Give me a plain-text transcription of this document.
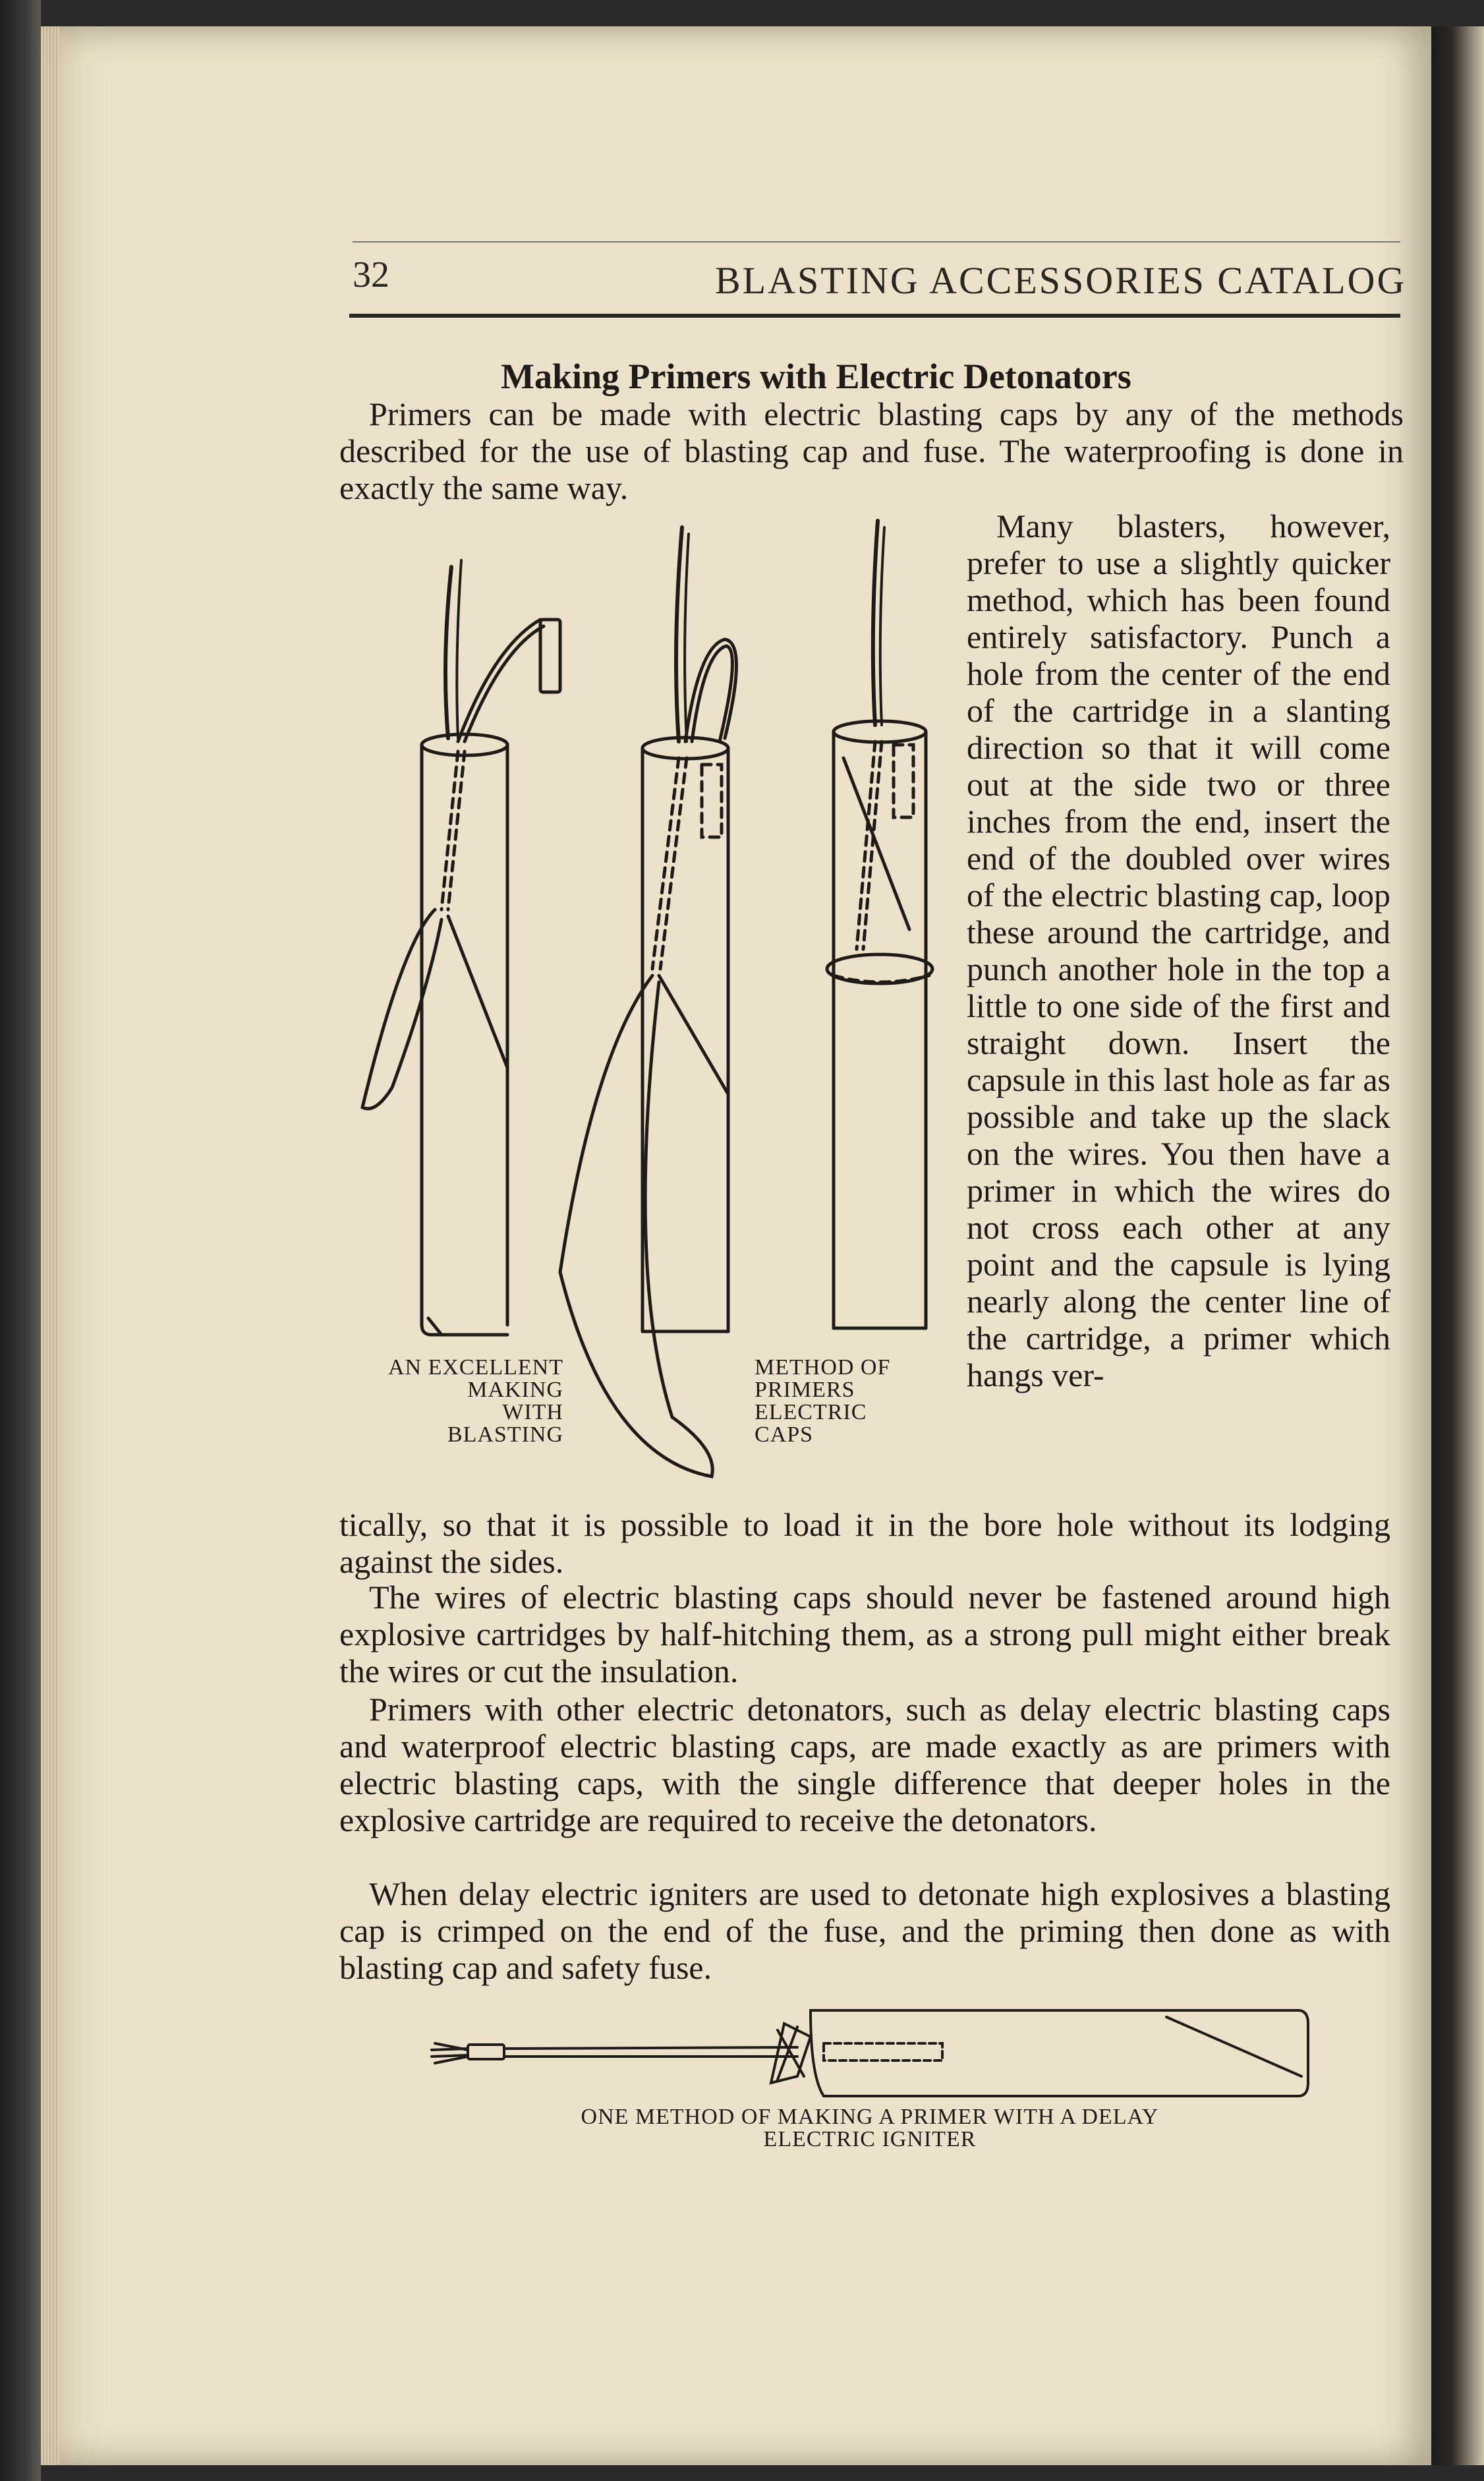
32	BLASTING ACCESSORIES CATALOG
Making Primers with Electric Detonators
Primers can be made with electric blasting caps by any of the methods described for the use of blasting cap and fuse. The waterproofing is done in exactly the same way.
Many blasters, however, prefer to use a slightly quicker method, which has been found entirely satisfactory. Punch a hole from the center of the end of the cartridge in a slanting direction so that it will come out at the side two or three inches from the end, insert the end of the doubled over wires of the electric blasting cap, loop these around the cartridge, and punch another hole in the top a little to one side of the first and straight down. Insert the capsule in this last hole as far as possible and take up the slack on the wires. You then have a primer in which the wires do not cross each other at any point and the capsule is lying nearly along the center line of the cartridge, a primer which hangs ver-
tically, so that it is possible to load it in the bore hole without its lodging against the sides.
The wires of electric blasting caps should never be fastened around high explosive cartridges by half-hitching them, as a strong pull might either break the wires or cut the insulation.
Primers with other electric detonators, such as delay electric blasting caps and waterproof electric blasting caps, are made exactly as are primers with electric blasting caps, with the single difference that deeper holes in the explosive cartridge are required to receive the detonators.
When delay electric igniters are used to detonate high explosives a blasting cap is crimped on the end of the fuse, and the priming then done as with blasting cap and safety fuse.
AN EXCELLENT
MAKING
WITH
BLASTING
METHOD OF
PRIMERS
ELECTRIC
CAPS
ONE METHOD OF MAKING A PRIMER WITH A DELAY
ELECTRIC IGNITER
